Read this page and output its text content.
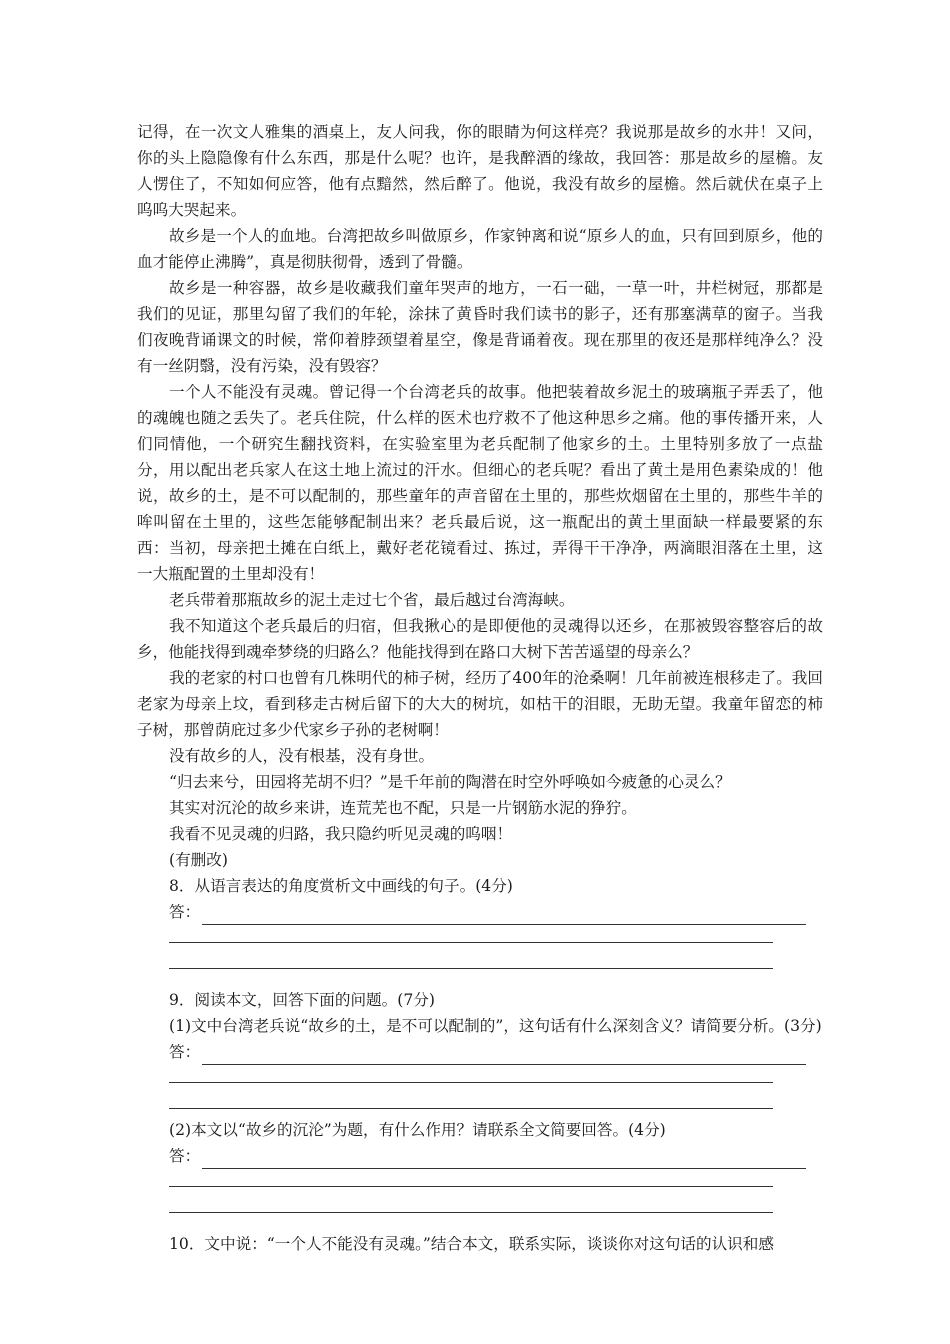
记得，在一次文人雅集的酒桌上，友人问我，你的眼睛为何这样亮？我说那是故乡的水井！又问，你的头上隐隐像有什么东西，那是什么呢？也许，是我醉酒的缘故，我回答：那是故乡的屋檐。友人愣住了，不知如何应答，他有点黯然，然后醉了。他说，我没有故乡的屋檐。然后就伏在桌子上呜呜大哭起来。

故乡是一个人的血地。台湾把故乡叫做原乡，作家钟离和说“原乡人的血，只有回到原乡，他的血才能停止沸腾”，真是彻肤彻骨，透到了骨髓。

故乡是一种容器，故乡是收藏我们童年哭声的地方，一石一础，一草一叶，井栏树冠，那都是我们的见证，那里勾留了我们的年轮，涂抹了黄昏时我们读书的影子，还有那塞满草的窗子。当我们夜晚背诵课文的时候，常仰着脖颈望着星空，像是背诵着夜。现在那里的夜还是那样纯净么？没有一丝阴翳，没有污染，没有毁容？

一个人不能没有灵魂。曾记得一个台湾老兵的故事。他把装着故乡泥土的玻璃瓶子弄丢了，他的魂魄也随之丢失了。老兵住院，什么样的医术也疗救不了他这种思乡之痛。他的事传播开来，人们同情他，一个研究生翻找资料，在实验室里为老兵配制了他家乡的土。土里特别多放了一点盐分，用以配出老兵家人在这土地上流过的汗水。但细心的老兵呢？看出了黄土是用色素染成的！他说，故乡的土，是不可以配制的，那些童年的声音留在土里的，那些炊烟留在土里的，那些牛羊的哞叫留在土里的，这些怎能够配制出来？老兵最后说，这一瓶配出的黄土里面缺一样最要紧的东西：当初，母亲把土摊在白纸上，戴好老花镜看过、拣过，弄得干干净净，两滴眼泪落在土里，这一大瓶配置的土里却没有！

老兵带着那瓶故乡的泥土走过七个省，最后越过台湾海峡。

我不知道这个老兵最后的归宿，但我揪心的是即便他的灵魂得以还乡，在那被毁容整容后的故乡，他能找得到魂牵梦绕的归路么？他能找得到在路口大树下苦苦遥望的母亲么？

我的老家的村口也曾有几株明代的柿子树，经历了400年的沧桑啊！几年前被连根移走了。我回老家为母亲上坟，看到移走古树后留下的大大的树坑，如枯干的泪眼，无助无望。我童年留恋的柿子树，那曾荫庇过多少代家乡子孙的老树啊！

没有故乡的人，没有根基，没有身世。

“归去来兮，田园将芜胡不归？”是千年前的陶潜在时空外呼唤如今疲惫的心灵么？

其实对沉沦的故乡来讲，连荒芜也不配，只是一片钢筋水泥的狰狞。

我看不见灵魂的归路，我只隐约听见灵魂的呜咽！

(有删改)

8．从语言表达的角度赏析文中画线的句子。(4分)

答：

9．阅读本文，回答下面的问题。(7分)

(1)文中台湾老兵说“故乡的土，是不可以配制的”，这句话有什么深刻含义？请简要分析。(3分)

答：

(2)本文以“故乡的沉沦”为题，有什么作用？请联系全文简要回答。(4分)

答：

10．文中说：“一个人不能没有灵魂。”结合本文，联系实际，谈谈你对这句话的认识和感
